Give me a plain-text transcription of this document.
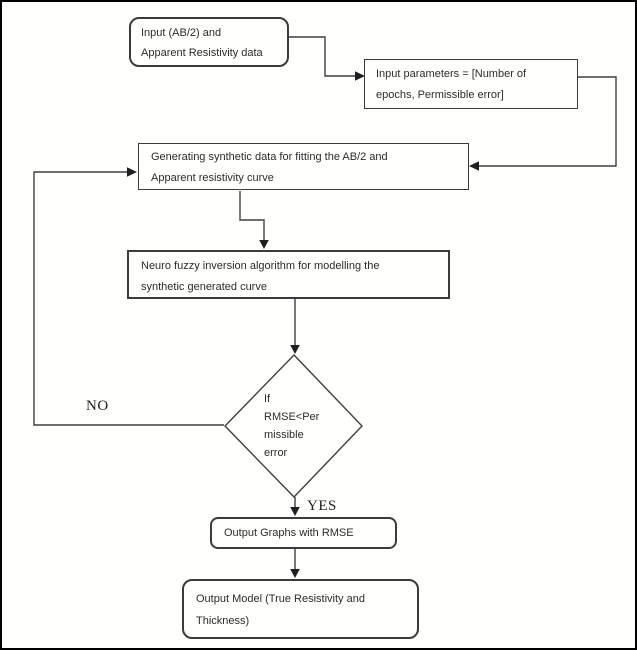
Input (AB/2) and
Apparent Resistivity data
Input parameters = [Number of
epochs, Permissible error]
Generating synthetic data for fitting the AB/2 and
Apparent resistivity curve
Neuro fuzzy inversion algorithm for modelling the
synthetic generated curve
If
RMSE<Per
missible
error
NO
YES
Output Graphs with RMSE
Output Model (True Resistivity and
Thickness)
